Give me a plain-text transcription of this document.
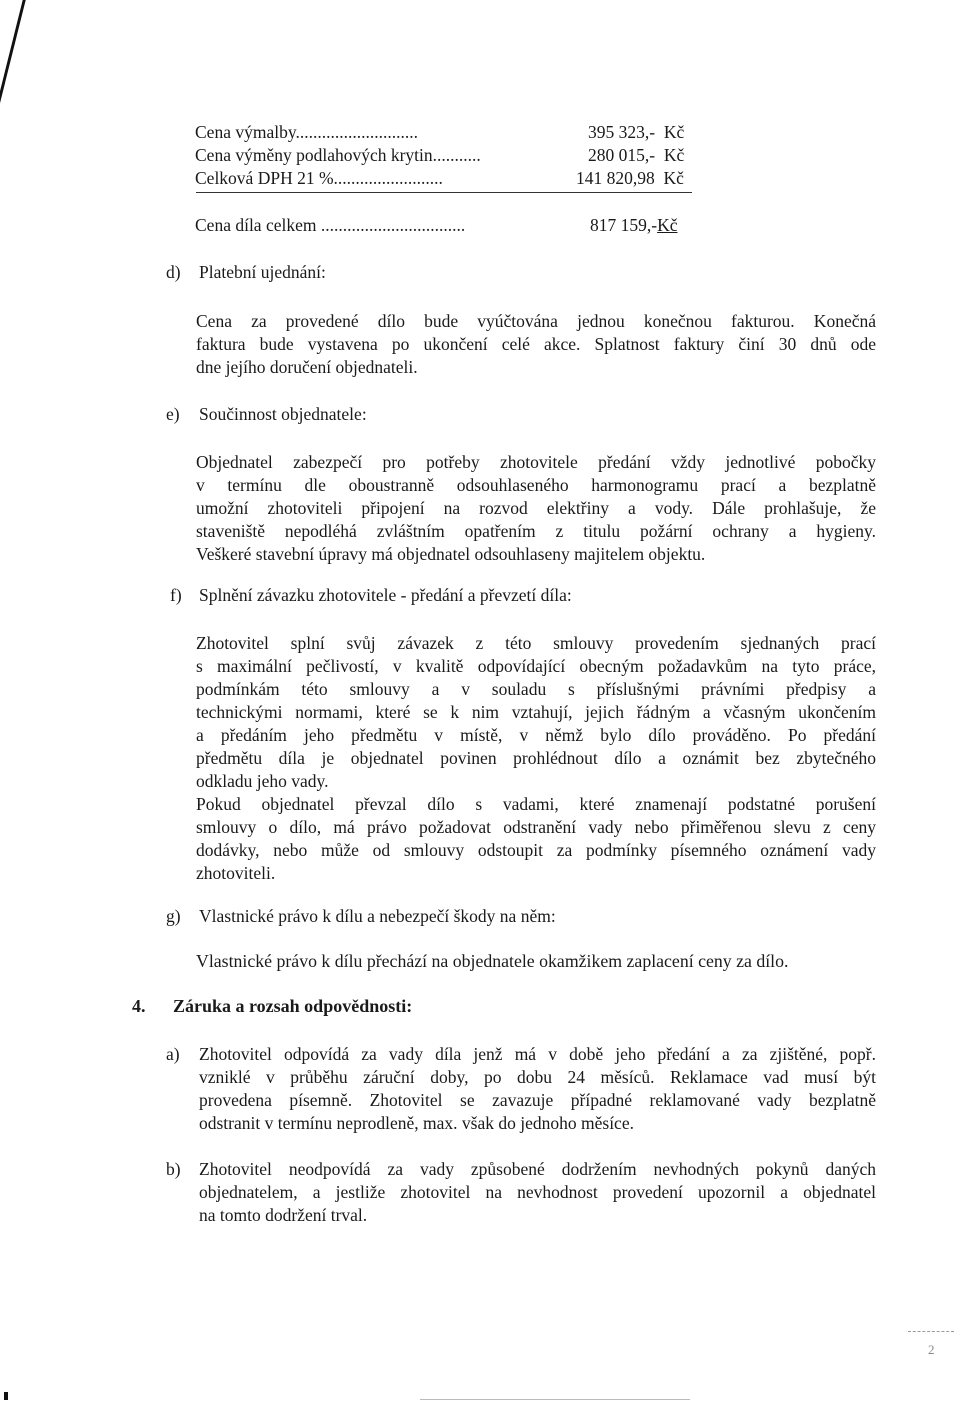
Cena výmalby............................	395 323,- Kč
Cena výměny podlahových krytin...........	280 015,- Kč
Celková DPH 21 %.........................	141 820,98 Kč
Cena díla celkem .................................	817 159,-Kč
d) Platební ujednání:
Cena za provedené dílo bude vyúčtována jednou konečnou fakturou. Konečná
faktura bude vystavena po ukončení celé akce. Splatnost faktury činí 30 dnů ode
dne jejího doručení objednateli.
e) Součinnost objednatele:
Objednatel zabezpečí pro potřeby zhotovitele předání vždy jednotlivé pobočky
v termínu dle oboustranně odsouhlaseného harmonogramu prací a bezplatně
umožní zhotoviteli připojení na rozvod elektřiny a vody. Dále prohlašuje, že
staveniště nepodléhá zvláštním opatřením z titulu požární ochrany a hygieny.
Veškeré stavební úpravy má objednatel odsouhlaseny majitelem objektu.
f) Splnění závazku zhotovitele - předání a převzetí díla:
Zhotovitel splní svůj závazek z této smlouvy provedením sjednaných prací
s maximální pečlivostí, v kvalitě odpovídající obecným požadavkům na tyto práce,
podmínkám této smlouvy a v souladu s příslušnými právními předpisy a
technickými normami, které se k nim vztahují, jejich řádným a včasným ukončením
a předáním jeho předmětu v místě, v němž bylo dílo prováděno. Po předání
předmětu díla je objednatel povinen prohlédnout dílo a oznámit bez zbytečného
odkladu jeho vady.
Pokud objednatel převzal dílo s vadami, které znamenají podstatné porušení
smlouvy o dílo, má právo požadovat odstranění vady nebo přiměřenou slevu z ceny
dodávky, nebo může od smlouvy odstoupit za podmínky písemného oznámení vady
zhotoviteli.
g) Vlastnické právo k dílu a nebezpečí škody na něm:
Vlastnické právo k dílu přechází na objednatele okamžikem zaplacení ceny za dílo.
4. Záruka a rozsah odpovědnosti:
a) Zhotovitel odpovídá za vady díla jenž má v době jeho předání a za zjištěné, popř.
vzniklé v průběhu záruční doby, po dobu 24 měsíců. Reklamace vad musí být
provedena písemně. Zhotovitel se zavazuje případné reklamované vady bezplatně
odstranit v termínu neprodleně, max. však do jednoho měsíce.
b) Zhotovitel neodpovídá za vady způsobené dodržením nevhodných pokynů daných
objednatelem, a jestliže zhotovitel na nevhodnost provedení upozornil a objednatel
na tomto dodržení trval.
2
